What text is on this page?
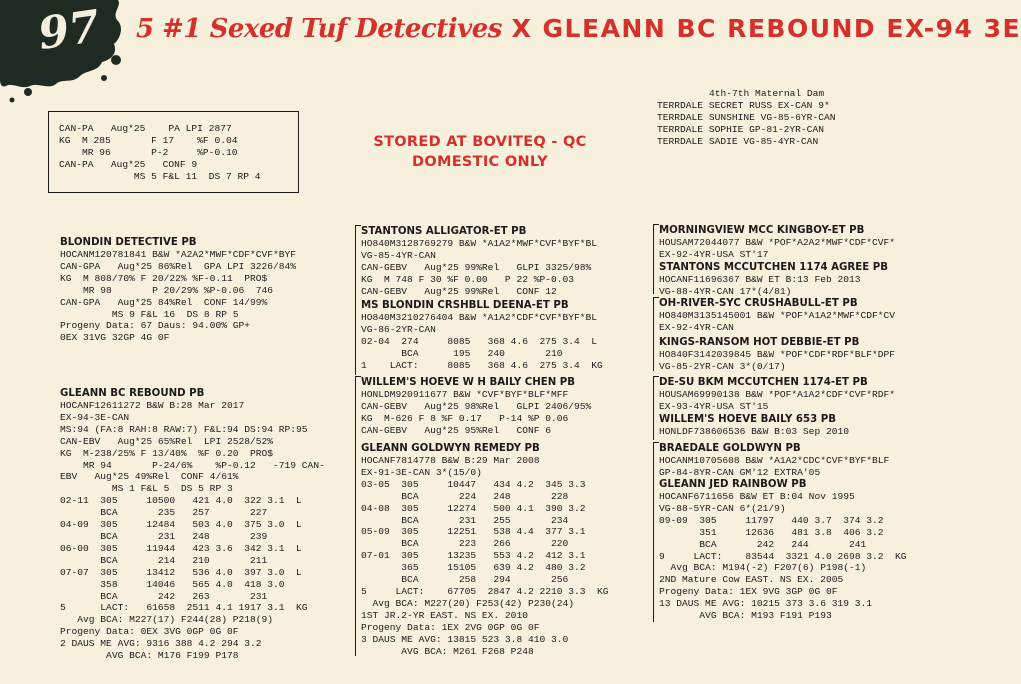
97 5 #1 Sexed Tuf Detectives X GLEANN BC REBOUND EX-94 3E
CAN-PA   Aug*25    PA LPI 2877
KG  M 285       F 17    %F 0.04
MR 96       P-2     %P-0.10
CAN-PA   Aug*25   CONF 9
MS 5 F&L 11  DS 7 RP 4
STORED AT BOVITEQ - QC
DOMESTIC ONLY
4th-7th Maternal Dam
TERRDALE SECRET RUSS EX-CAN 9*
TERRDALE SUNSHINE VG-85-6YR-CAN
TERRDALE SOPHIE GP-81-2YR-CAN
TERRDALE SADIE VG-85-4YR-CAN
BLONDIN DETECTIVE PB
HOCANM120781841 B&W *A2A2*MWF*CDF*CVF*BYF
CAN-GPA   Aug*25 86%Rel  GPA LPI 3226/84%
KG  M 808/70% F 20/22% %F-0.11  PRO$
MR 98       P 20/29% %P-0.06  746
CAN-GPA   Aug*25 84%Rel  CONF 14/99%
MS 9 F&L 16  DS 8 RP 5
Progeny Data: 67 Daus: 94.00% GP+
0EX 31VG 32GP 4G 0F
GLEANN BC REBOUND PB
HOCANF12611272 B&W B:28 Mar 2017
EX-94-3E-CAN
MS:94 (FA:8 RAH:8 RAW:7) F&L:94 DS:94 RP:95
CAN-EBV   Aug*25 65%Rel  LPI 2528/52%
KG  M-238/25% F 13/40%  %F 0.20  PRO$
MR 94       P-24/6%    %P-0.12   -719 CAN-
EBV   Aug*25 49%Rel  CONF 4/61%
MS 1 F&L 5  DS 5 RP 3
02-11  305     10500   421 4.0  322 3.1  L
BCA       235   257       227
04-09  305     12484   503 4.0  375 3.0  L
BCA       231   248       239
06-00  305     11944   423 3.6  342 3.1  L
BCA       214   210       211
07-07  305     13412   536 4.0  397 3.0  L
358     14046   565 4.0  418 3.0
BCA       242   263       231
5      LACT:   61658  2511 4.1 1917 3.1  KG
Avg BCA: M227(17) F244(28) P218(9)
Progeny Data: 0EX 3VG 0GP 0G 0F
2 DAUS ME AVG: 9316 388 4.2 294 3.2
AVG BCA: M176 F199 P178
STANTONS ALLIGATOR-ET PB
HO840M3128769279 B&W *A1A2*MWF*CVF*BYF*BL
VG-85-4YR-CAN
CAN-GEBV   Aug*25 99%Rel   GLPI 3325/98%
KG  M 748 F 30 %F 0.00   P 22 %P-0.03
CAN-GEBV   Aug*25 99%Rel   CONF 12
MS BLONDIN CRSHBLL DEENA-ET PB
HO840M3210276404 B&W *A1A2*CDF*CVF*BYF*BL
VG-86-2YR-CAN
02-04  274     8085   368 4.6  275 3.4  L
BCA      195   240       210
1    LACT:     8085   368 4.6  275 3.4  KG
WILLEM'S HOEVE W H BAILY CHEN PB
HONLDM920911677 B&W *CVF*BYF*BLF*MFF
CAN-GEBV   Aug*25 98%Rel   GLPI 2406/95%
KG  M-626 F 8 %F 0.17   P-14 %P 0.06
CAN-GEBV   Aug*25 95%Rel   CONF 6
GLEANN GOLDWYN REMEDY PB
HOCANF7814778 B&W B:29 Mar 2008
EX-91-3E-CAN 3*(15/0)
03-05  305     10447   434 4.2  345 3.3
BCA       224   248       228
04-08  305     12274   500 4.1  390 3.2
BCA       231   255       234
05-09  305     12251   538 4.4  377 3.1
BCA       223   266       220
07-01  305     13235   553 4.2  412 3.1
365     15105   639 4.2  480 3.2
BCA       258   294       256
5     LACT:    67705  2847 4.2 2210 3.3  KG
Avg BCA: M227(20) F253(42) P230(24)
1ST JR.2-YR EAST. NS EX. 2010
Progeny Data: 1EX 2VG 0GP 0G 0F
3 DAUS ME AVG: 13815 523 3.8 410 3.0
AVG BCA: M261 F268 P248
MORNINGVIEW MCC KINGBOY-ET PB
HOUSAM72044077 B&W *POF*A2A2*MWF*CDF*CVF*
EX-92-4YR-USA ST'17
STANTONS MCCUTCHEN 1174 AGREE PB
HOCANF11696367 B&W ET B:13 Feb 2013
VG-88-4YR-CAN 17*(4/81)
OH-RIVER-SYC CRUSHABULL-ET PB
HO840M3135145001 B&W *POF*A1A2*MWF*CDF*CV
EX-92-4YR-CAN
KINGS-RANSOM HOT DEBBIE-ET PB
HO840F3142039845 B&W *POF*CDF*RDF*BLF*DPF
VG-85-2YR-CAN 3*(0/17)
DE-SU BKM MCCUTCHEN 1174-ET PB
HOUSAM69990138 B&W *POF*A1A2*CDF*CVF*RDF*
EX-93-4YR-USA ST'15
WILLEM'S HOEVE BAILY 653 PB
HONLDF738606536 B&W B:03 Sep 2010
BRAEDALE GOLDWYN PB
HOCANM10705608 B&W *A1A2*CDC*CVF*BYF*BLF
GP-84-8YR-CAN GM'12 EXTRA'05
GLEANN JED RAINBOW PB
HOCANF6711656 B&W ET B:04 Nov 1995
VG-88-5YR-CAN 6*(21/9)
09-09  305     11797   440 3.7  374 3.2
351     12636   481 3.8  406 3.2
BCA       242   244       241
9     LACT:    83544  3321 4.0 2698 3.2  KG
Avg BCA: M194(-2) F207(6) P198(-1)
2ND Mature Cow EAST. NS EX. 2005
Progeny Data: 1EX 9VG 3GP 0G 0F
13 DAUS ME AVG: 10215 373 3.6 319 3.1
AVG BCA: M193 F191 P193
